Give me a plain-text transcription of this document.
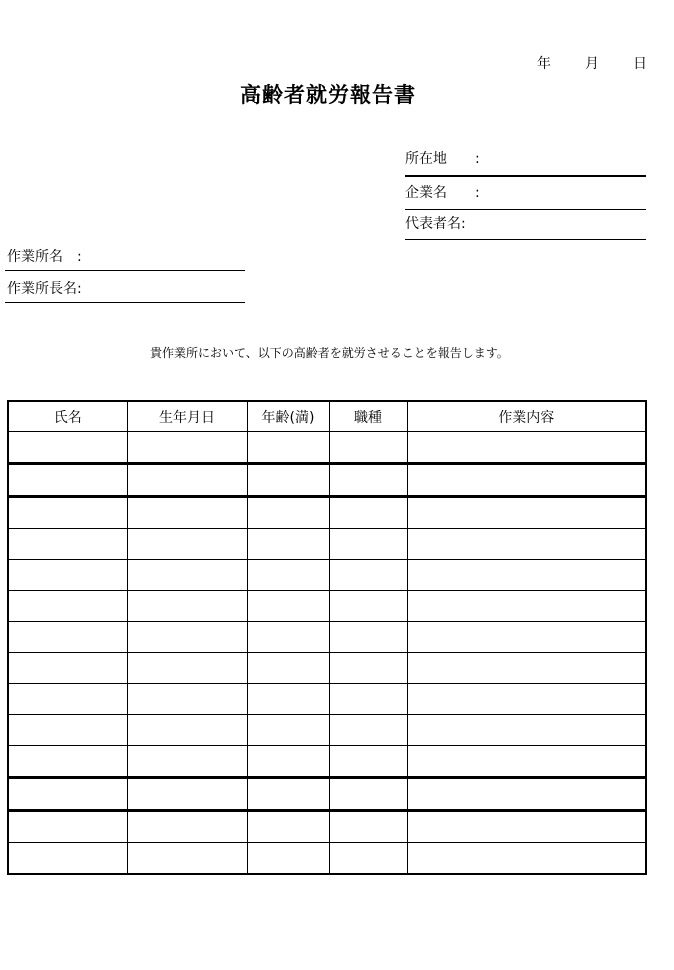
年 月 日
高齢者就労報告書
所在地　　:
企業名　　:
代表者名:
作業所名　:
作業所長名:
貴作業所において、以下の高齢者を就労させることを報告します。
氏名	生年月日	年齢(満)	職種	作業内容
